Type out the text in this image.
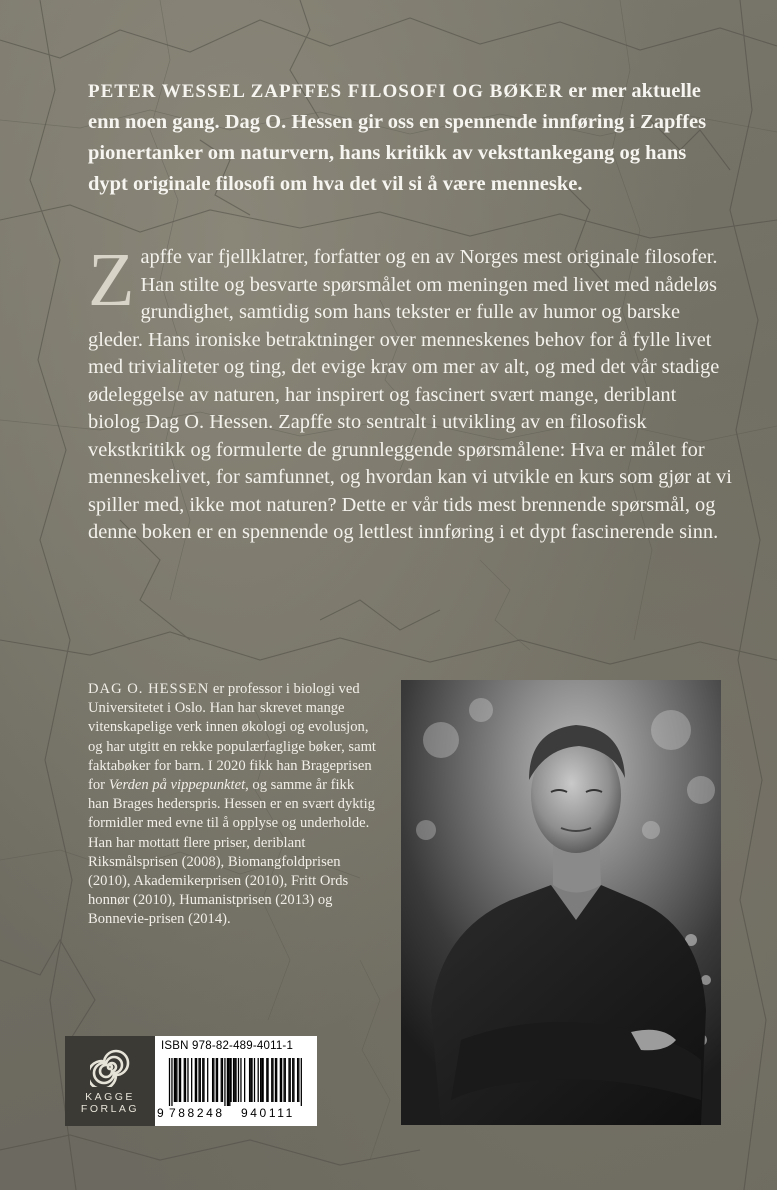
PETER WESSEL ZAPFFES FILOSOFI OG BØKER er mer aktuelle enn noen gang. Dag O. Hessen gir oss en spennende innføring i Zapffes pionertanker om naturvern, hans kritikk av veksttankegang og hans dypt originale filosofi om hva det vil si å være menneske.
Zapffe var fjellklatrer, forfatter og en av Norges mest originale filosofer. Han stilte og besvarte spørsmålet om meningen med livet med nådeløs grundighet, samtidig som hans tekster er fulle av humor og barske gleder. Hans ironiske betraktninger over menneskenes behov for å fylle livet med trivialiteter og ting, det evige krav om mer av alt, og med det vår stadige ødeleggelse av naturen, har inspirert og fascinert svært mange, deriblant biolog Dag O. Hessen. Zapffe sto sentralt i utvikling av en filosofisk vekstkritikk og formulerte de grunnleggende spørsmålene: Hva er målet for menneskelivet, for samfunnet, og hvordan kan vi utvikle en kurs som gjør at vi spiller med, ikke mot naturen? Dette er vår tids mest brennende spørsmål, og denne boken er en spennende og lettlest innføring i et dypt fascinerende sinn.
DAG O. HESSEN er professor i biologi ved Universitetet i Oslo. Han har skrevet mange vitenskapelige verk innen økologi og evolusjon, og har utgitt en rekke populærfaglige bøker, samt faktabøker for barn. I 2020 fikk han Brageprisen for Verden på vippepunktet, og samme år fikk han Brages hederspris. Hessen er en svært dyktig formidler med evne til å opplyse og underholde. Han har mottatt flere priser, deriblant Riksmålsprisen (2008), Biomangfoldprisen (2010), Akademikerprisen (2010), Fritt Ords honnør (2010), Humanistprisen (2013) og Bonnevie-prisen (2014).
KAGGE
FORLAG
ISBN 978-82-489-4011-1
9 788248 940111
